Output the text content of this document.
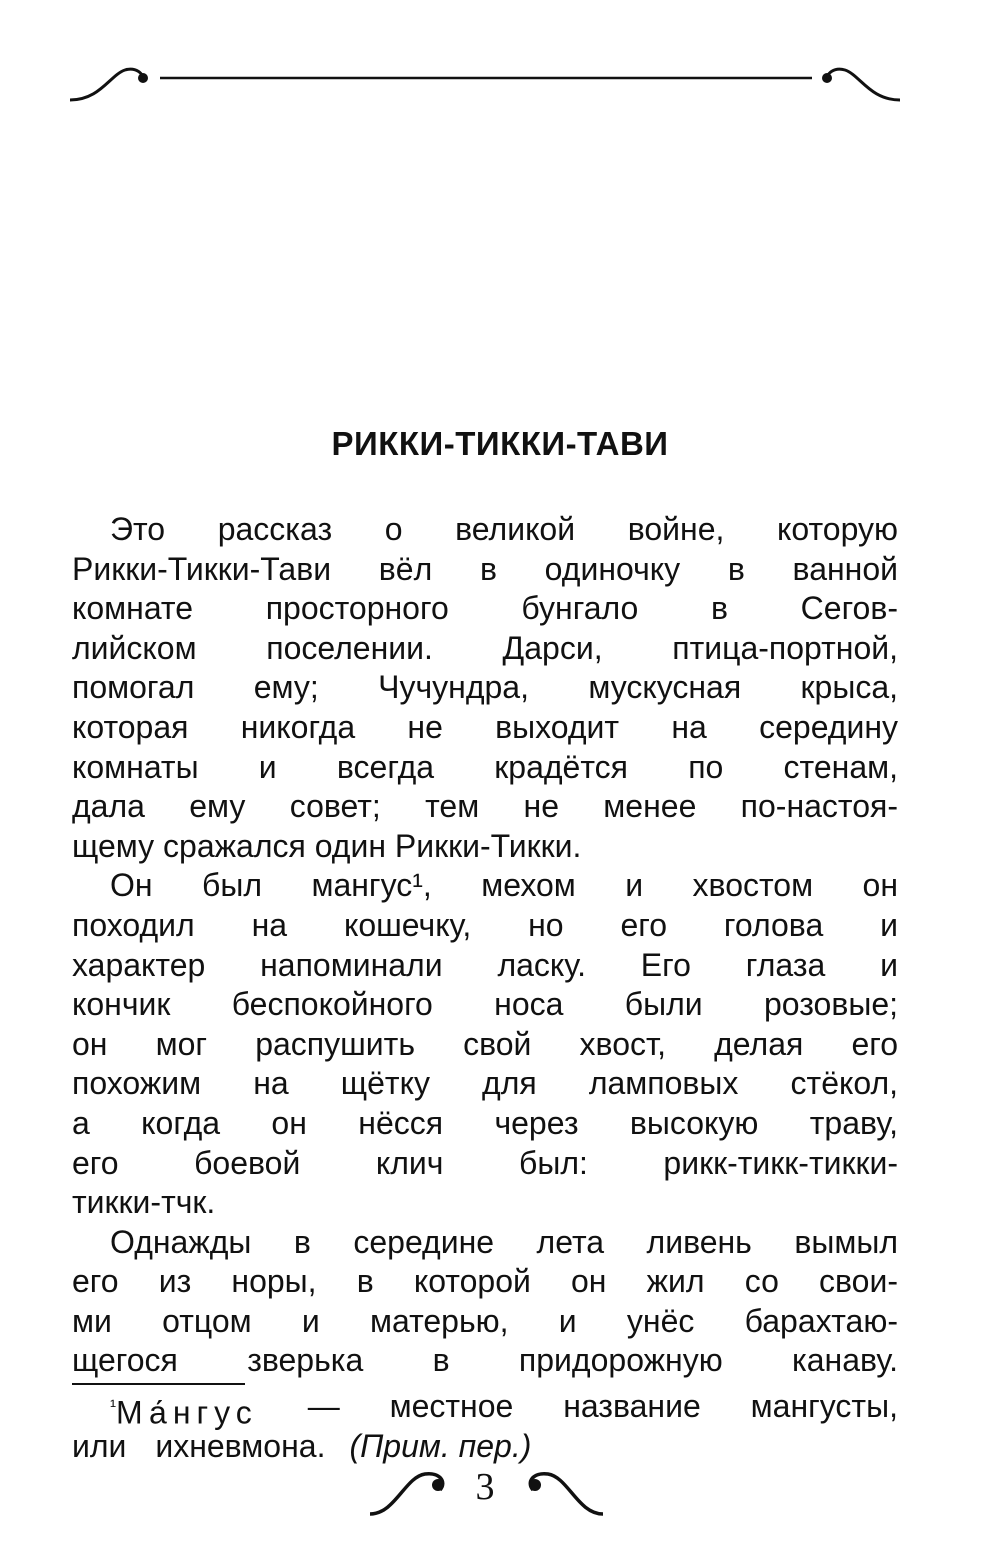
РИККИ-ТИККИ-ТАВИ
Это рассказ о великой войне, которую
Рикки-Тикки-Тави вёл в одиночку в ванной
комнате просторного бунгало в Сегов-
лийском поселении. Дарси, птица-портной,
помогал ему; Чучундра, мускусная крыса,
которая никогда не выходит на середину
комнаты и всегда крадётся по стенам,
дала ему совет; тем не менее по-настоя-
щему сражался один Рикки-Тикки.
Он был мангус¹, мехом и хвостом он
походил на кошечку, но его голова и
характер напоминали ласку. Его глаза и
кончик беспокойного носа были розовые;
он мог распушить свой хвост, делая его
похожим на щётку для ламповых стёкол,
а когда он нёсся через высокую траву,
его боевой клич был: рикк-тикк-тикки-
тикки-тчк.
Однажды в середине лета ливень вымыл
его из норы, в которой он жил со свои-
ми отцом и матерью, и унёс барахтаю-
щегося зверька в придорожную канаву.
$^{^1}$Ма́нгус — местное название мангусты,
или ихневмона. (Прим. пер.)
3
